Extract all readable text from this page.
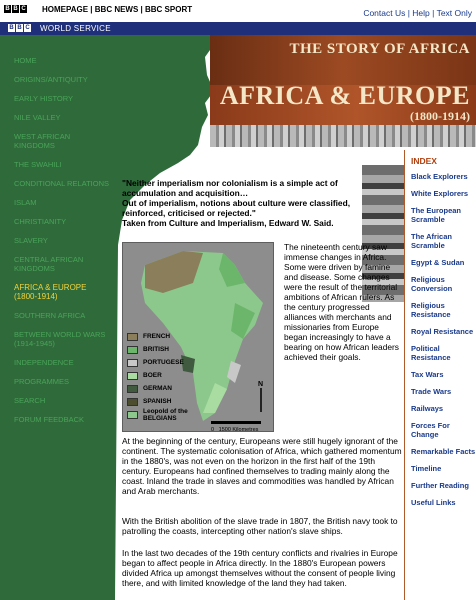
B B C HOMEPAGE | BBC NEWS | BBC SPORT	Contact Us | Help | Text Only
B B C WORLD SERVICE
HOME
ORIGINS/ANTIQUITY
EARLY HISTORY
NILE VALLEY
WEST AFRICAN KINGDOMS
THE SWAHILI
CONDITIONAL RELATIONS
ISLAM
CHRISTIANITY
SLAVERY
CENTRAL AFRICAN KINGDOMS
AFRICA & EUROPE (1800-1914)
SOUTHERN AFRICA
BETWEEN WORLD WARS (1914-1945)
INDEPENDENCE
PROGRAMMES
SEARCH
FORUM FEEDBACK
THE STORY OF AFRICA
AFRICA & EUROPE
(1800-1914)
INDEX
Black Explorers
White Explorers
The European Scramble
The African Scramble
Egypt & Sudan
Religious Conversion
Religious Resistance
Royal Resistance
Political Resistance
Tax Wars
Trade Wars
Railways
Forces For Change
Remarkable Facts
Timeline
Further Reading
Useful Links
"Neither imperialism nor colonialism is a simple act of accumulation and acquisition…
Out of imperialism, notions about culture were classified, reinforced, criticised or rejected."
Taken from Culture and Imperialism, Edward W. Said.
FRENCH
BRITISH
PORTUGESE
BOER
GERMAN
SPANISH
Leopold of the BELGIANS
N
0 1500 Kilometres
The nineteenth century saw immense changes in Africa. Some were driven by famine and disease. Some changes were the result of the territorial ambitions of African rulers. As the century progressed alliances with merchants and missionaries from Europe began increasingly to have a bearing on how African leaders achieved their goals.
At the beginning of the century, Europeans were still hugely ignorant of the continent. The systematic colonisation of Africa, which gathered momentum in the 1880's, was not even on the horizon in the first half of the 19th century. Europeans had confined themselves to trading mainly along the coast. Inland the trade in slaves and commodities was handled by African and Arab merchants.
With the British abolition of the slave trade in 1807, the British navy took to patrolling the coasts, intercepting other nation's slave ships.
In the last two decades of the 19th century conflicts and rivalries in Europe began to affect people in Africa directly. In the 1880's European powers divided Africa up amongst themselves without the consent of people living there, and with limited knowledge of the land they had taken.
